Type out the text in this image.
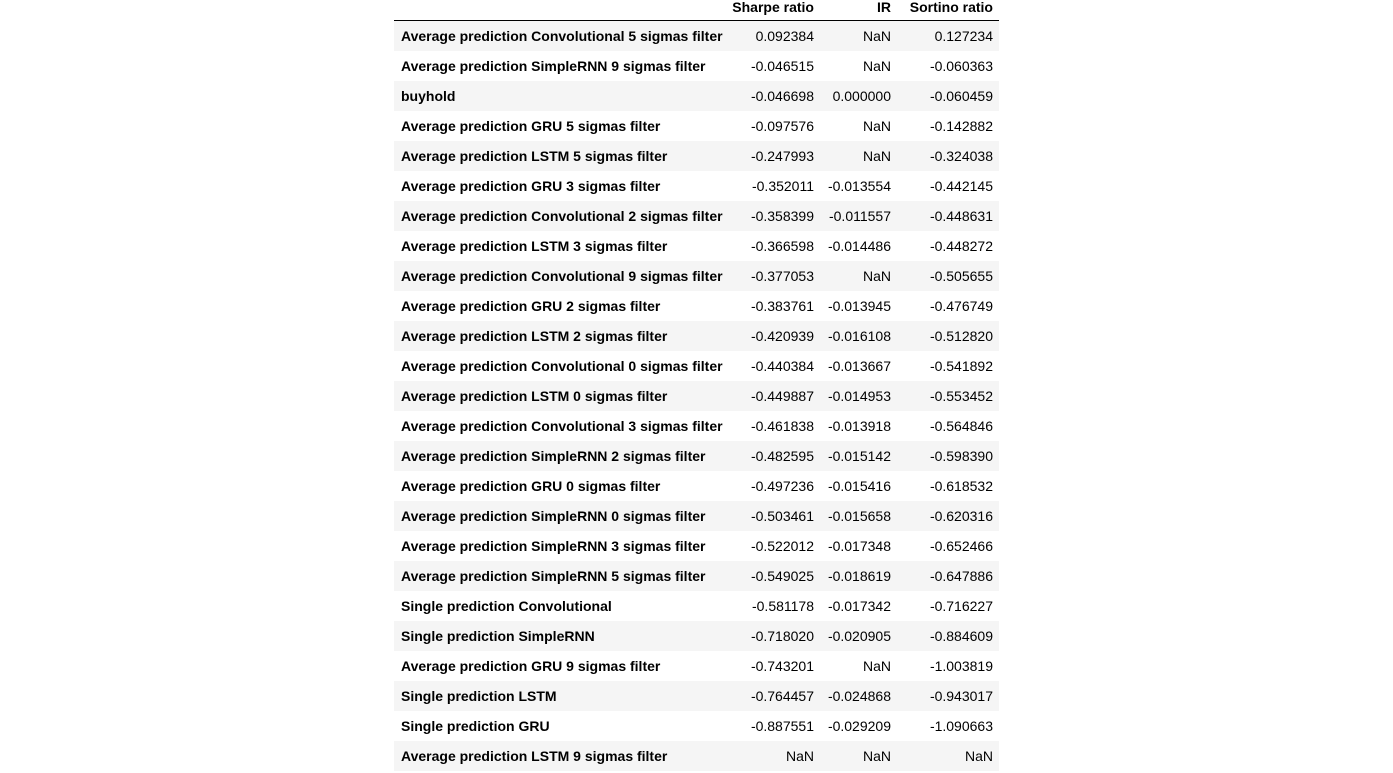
	Sharpe ratio	IR	Sortino ratio
Average prediction Convolutional 5 sigmas filter	0.092384	NaN	0.127234
Average prediction SimpleRNN 9 sigmas filter	-0.046515	NaN	-0.060363
buyhold	-0.046698	0.000000	-0.060459
Average prediction GRU 5 sigmas filter	-0.097576	NaN	-0.142882
Average prediction LSTM 5 sigmas filter	-0.247993	NaN	-0.324038
Average prediction GRU 3 sigmas filter	-0.352011	-0.013554	-0.442145
Average prediction Convolutional 2 sigmas filter	-0.358399	-0.011557	-0.448631
Average prediction LSTM 3 sigmas filter	-0.366598	-0.014486	-0.448272
Average prediction Convolutional 9 sigmas filter	-0.377053	NaN	-0.505655
Average prediction GRU 2 sigmas filter	-0.383761	-0.013945	-0.476749
Average prediction LSTM 2 sigmas filter	-0.420939	-0.016108	-0.512820
Average prediction Convolutional 0 sigmas filter	-0.440384	-0.013667	-0.541892
Average prediction LSTM 0 sigmas filter	-0.449887	-0.014953	-0.553452
Average prediction Convolutional 3 sigmas filter	-0.461838	-0.013918	-0.564846
Average prediction SimpleRNN 2 sigmas filter	-0.482595	-0.015142	-0.598390
Average prediction GRU 0 sigmas filter	-0.497236	-0.015416	-0.618532
Average prediction SimpleRNN 0 sigmas filter	-0.503461	-0.015658	-0.620316
Average prediction SimpleRNN 3 sigmas filter	-0.522012	-0.017348	-0.652466
Average prediction SimpleRNN 5 sigmas filter	-0.549025	-0.018619	-0.647886
Single prediction Convolutional	-0.581178	-0.017342	-0.716227
Single prediction SimpleRNN	-0.718020	-0.020905	-0.884609
Average prediction GRU 9 sigmas filter	-0.743201	NaN	-1.003819
Single prediction LSTM	-0.764457	-0.024868	-0.943017
Single prediction GRU	-0.887551	-0.029209	-1.090663
Average prediction LSTM 9 sigmas filter	NaN	NaN	NaN
